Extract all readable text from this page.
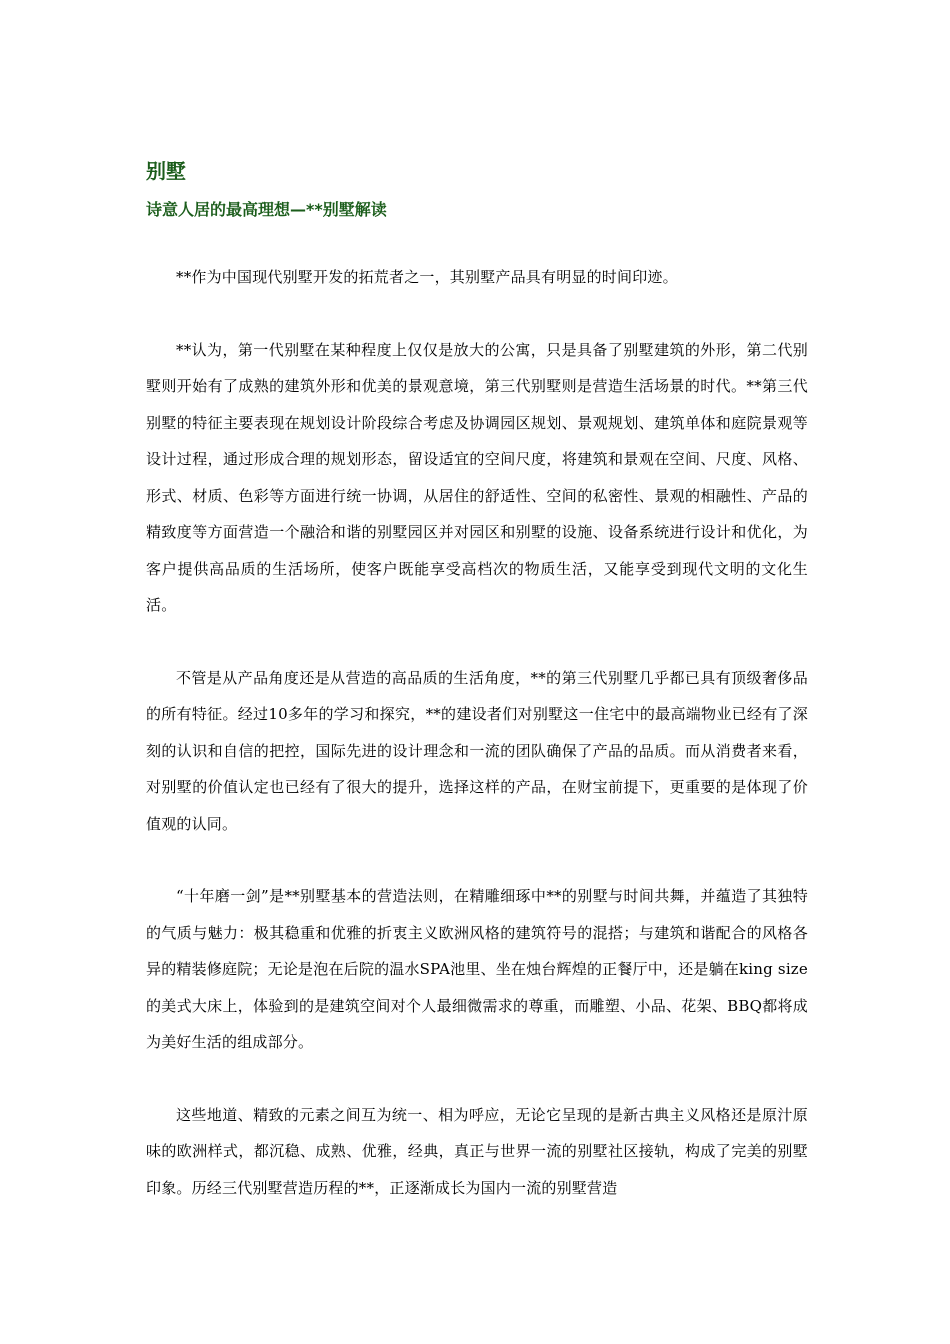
别墅
诗意人居的最高理想—**别墅解读

**作为中国现代别墅开发的拓荒者之一，其别墅产品具有明显的时间印迹。

**认为，第一代别墅在某种程度上仅仅是放大的公寓，只是具备了别墅建筑的外形，第二代别墅则开始有了成熟的建筑外形和优美的景观意境，第三代别墅则是营造生活场景的时代。**第三代别墅的特征主要表现在规划设计阶段综合考虑及协调园区规划、景观规划、建筑单体和庭院景观等设计过程，通过形成合理的规划形态，留设适宜的空间尺度，将建筑和景观在空间、尺度、风格、形式、材质、色彩等方面进行统一协调，从居住的舒适性、空间的私密性、景观的相融性、产品的精致度等方面营造一个融洽和谐的别墅园区并对园区和别墅的设施、设备系统进行设计和优化，为客户提供高品质的生活场所，使客户既能享受高档次的物质生活，又能享受到现代文明的文化生活。

不管是从产品角度还是从营造的高品质的生活角度，**的第三代别墅几乎都已具有顶级奢侈品的所有特征。经过10多年的学习和探究，**的建设者们对别墅这一住宅中的最高端物业已经有了深刻的认识和自信的把控，国际先进的设计理念和一流的团队确保了产品的品质。而从消费者来看，对别墅的价值认定也已经有了很大的提升，选择这样的产品，在财宝前提下，更重要的是体现了价值观的认同。

“十年磨一剑”是**别墅基本的营造法则，在精雕细琢中**的别墅与时间共舞，并蕴造了其独特的气质与魅力：极其稳重和优雅的折衷主义欧洲风格的建筑符号的混搭；与建筑和谐配合的风格各异的精装修庭院；无论是泡在后院的温水SPA池里、坐在烛台辉煌的正餐厅中，还是躺在king size的美式大床上，体验到的是建筑空间对个人最细微需求的尊重，而雕塑、小品、花架、BBQ都将成为美好生活的组成部分。

这些地道、精致的元素之间互为统一、相为呼应，无论它呈现的是新古典主义风格还是原汁原味的欧洲样式，都沉稳、成熟、优雅，经典，真正与世界一流的别墅社区接轨，构成了完美的别墅印象。历经三代别墅营造历程的**，正逐渐成长为国内一流的别墅营造
